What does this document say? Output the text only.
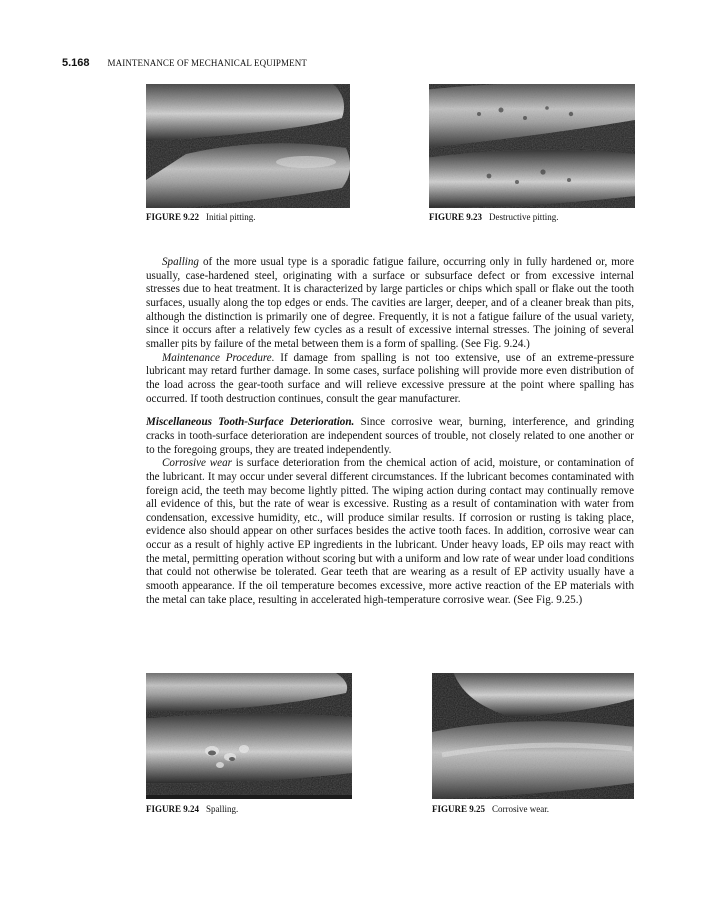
5.168 MAINTENANCE OF MECHANICAL EQUIPMENT
FIGURE 9.22 Initial pitting.	FIGURE 9.23 Destructive pitting.

Spalling of the more usual type is a sporadic fatigue failure, occurring only in fully hardened or, more usually, case-hardened steel, originating with a surface or subsurface defect or from excessive internal stresses due to heat treatment. It is characterized by large particles or chips which spall or flake out the tooth surfaces, usually along the top edges or ends. The cavities are larger, deeper, and of a cleaner break than pits, although the distinction is primarily one of degree. Frequently, it is not a fatigue failure of the usual variety, since it occurs after a relatively few cycles as a result of excessive internal stresses. The joining of several smaller pits by failure of the metal between them is a form of spalling. (See Fig. 9.24.)

Maintenance Procedure. If damage from spalling is not too extensive, use of an extreme-pressure lubricant may retard further damage. In some cases, surface polishing will provide more even distribution of the load across the gear-tooth surface and will relieve excessive pressure at the point where spalling has occurred. If tooth destruction continues, consult the gear manufacturer.

Miscellaneous Tooth-Surface Deterioration. Since corrosive wear, burning, interference, and grinding cracks in tooth-surface deterioration are independent sources of trouble, not closely related to one another or to the foregoing groups, they are treated independently.

Corrosive wear is surface deterioration from the chemical action of acid, moisture, or contamination of the lubricant. It may occur under several different circumstances. If the lubricant becomes contaminated with foreign acid, the teeth may become lightly pitted. The wiping action during contact may continually remove all evidence of this, but the rate of wear is excessive. Rusting as a result of contamination with water from condensation, excessive humidity, etc., will produce similar results. If corrosion or rusting is taking place, evidence also should appear on other surfaces besides the active tooth faces. In addition, corrosive wear can occur as a result of highly active EP ingredients in the lubricant. Under heavy loads, EP oils may react with the metal, permitting operation without scoring but with a uniform and low rate of wear under load conditions that could not otherwise be tolerated. Gear teeth that are wearing as a result of EP activity usually have a smooth appearance. If the oil temperature becomes excessive, more active reaction of the EP materials with the metal can take place, resulting in accelerated high-temperature corrosive wear. (See Fig. 9.25.)

FIGURE 9.24 Spalling.	FIGURE 9.25 Corrosive wear.
